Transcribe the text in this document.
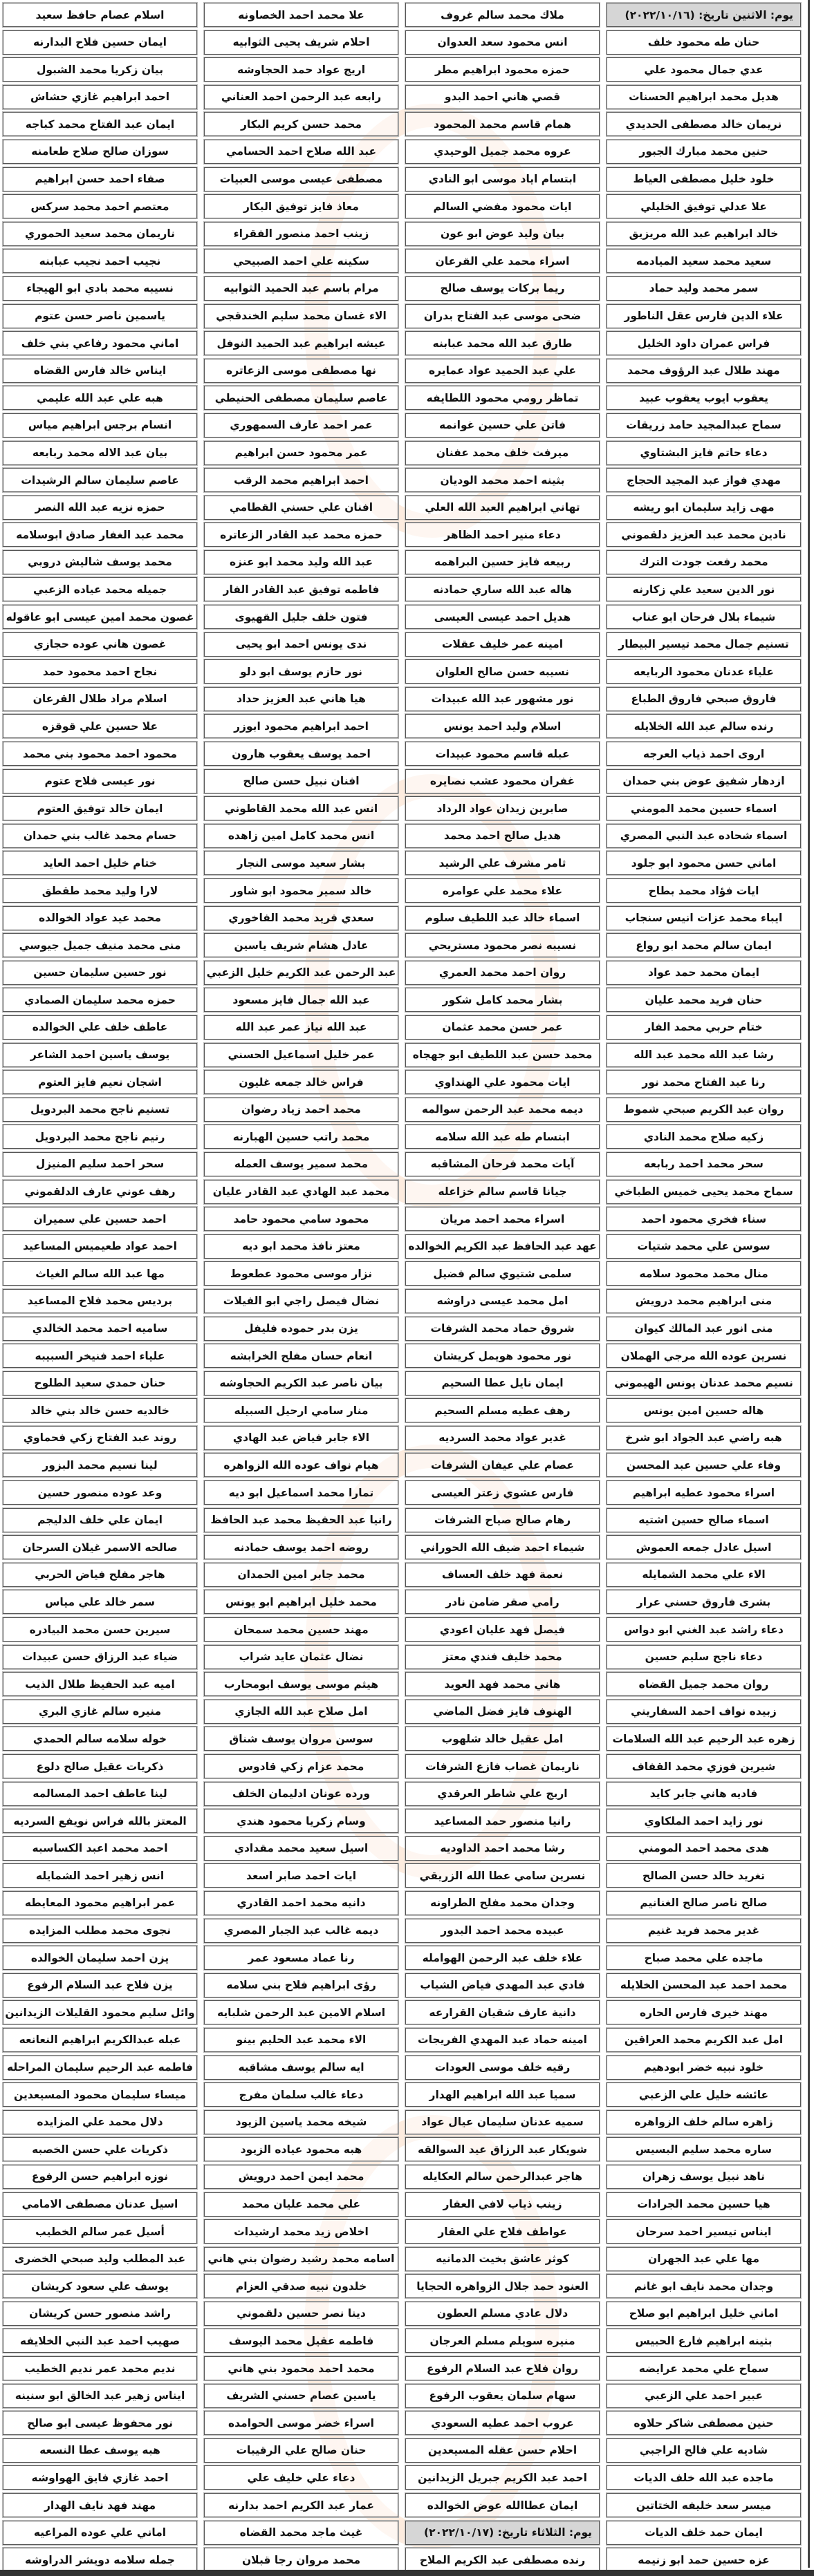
يوم: الاثنين تاريخ: (٢٠٢٢/١٠/١٦)
ملاك محمد سالم غروف
علا محمد احمد الخصاونه
اسلام عصام حافظ سعيد
حنان طه محمود خلف
انس محمود سعد العدوان
احلام شريف يحيى الثوابيه
ايمان حسين فلاح البدارنه
عدي جمال محمود علي
حمزه محمود ابراهيم مطر
اريج عواد حمد الحجاوشه
بيان زكريا محمد الشبول
هديل محمد ابراهيم الحسنات
قصي هاني احمد البدو
رابعه عبد الرحمن احمد العناني
احمد ابراهيم غازي حشاش
نريمان خالد مصطفى الحديدي
همام قاسم محمد المحمود
محمد حسن كريم البكار
ايمان عبد الفتاح محمد كباجه
حنين محمد مبارك الجبور
عروه محمد جميل الوحيدي
عبد الله صلاح احمد الحسامي
سوزان صالح صلاح طعامنه
خلود خليل مصطفى العياط
ابتسام اياد موسى ابو النادي
مصطفى عيسى موسى العبيات
صفاء احمد حسن ابراهيم
علا عدلي توفيق الخليلي
ايات محمود مفضي السالم
معاذ فايز توفيق البكار
معتصم احمد محمد سركس
خالد ابراهيم عبد الله مريزيق
بيان وليد عوض ابو عون
زينب احمد منصور الفقراء
ناريمان محمد سعيد الحموري
سعيد محمد سعيد الميادمه
اسراء محمد علي القرعان
سكينه علي احمد الصبيحي
نجيب احمد نجيب عبابنه
سمر محمد وليد حماد
ريما بركات يوسف صالح
مرام باسم عبد الحميد الثوابيه
نسيبه محمد بادي ابو الهيجاء
علاء الدين فارس عقل الناطور
ضحى موسى عبد الفتاح بدران
الاء غسان محمد سليم الخندقجي
ياسمين ناصر حسن عتوم
فراس عمران داود الخليل
طارق عبد الله محمد عبابنه
عيشه ابراهيم عبد الحميد النوفل
اماني محمود رفاعي بني خلف
مهند طلال عبد الرؤوف محمد
علي عبد الحميد عواد عمايره
نها مصطفى موسى الزعاتره
ايناس خالد فارس القضاه
يعقوب ايوب يعقوب عبيد
تماظر رومي محمود اللطايفه
عاصم سليمان مصطفى الحنيطي
هبه علي عبد الله عليمي
سماح عبدالمجيد حامد زريقات
فاتن علي حسين غوانمه
عمر احمد عارف السمهوري
انسام برجس ابراهيم مياس
دعاء حاتم فايز البشتاوي
ميرفت خلف محمد عفنان
عمر محمود حسن ابراهيم
بيان عبد الاله محمد ربابعه
مهدي فواز عبد المجيد الحجاج
بثينه احمد محمد الوديان
احمد ابراهيم محمد الرقب
عاصم سليمان سالم الرشيدات
مهى زايد سليمان ابو ريشه
تهاني ابراهيم العبد الله العلي
افنان علي حسني القطامي
حمزه نزيه عبد الله النصر
نادين محمد عبد العزيز دلقموني
دعاء منير احمد الظاهر
حمزه محمد عبد القادر الزعاتره
محمد عبد الغفار صادق ابوسلامه
محمد رفعت جودت الترك
ربيعه فايز حسين البراهمه
عبد الله وليد محمد ابو عنزه
محمد يوسف شاليش دروبي
نور الدين سعيد علي زكارنه
هاله عبد الله ساري حمادنه
فاطمه توفيق عبد القادر الفار
جميله محمد عياده الزعبي
شيماء بلال فرحان ابو عناب
هديل احمد عيسى العيسى
فتون خلف جليل القهيوى
غصون محمد امين عيسى ابو عاقوله
تسنيم جمال محمد تيسير البيطار
امينه عمر خليف عقلات
ندى يونس احمد ابو يحيى
غصون هاني عوده حجازي
علياء عدنان محمود الربايعه
نسيبه حسن صالح العلوان
نور حازم يوسف ابو دلو
نجاح احمد محمود حمد
فاروق صبحي فاروق الطباع
نور مشهور عبد الله عبيدات
هيا هاني عبد العزيز حداد
اسلام مراد طلال القرعان
رنده سالم عبد الله الخلايله
اسلام وليد احمد يونس
احمد ابراهيم محمود ابوزر
علا حسين علي قوقزه
اروى احمد ذياب العرجه
عبله قاسم محمود عبيدات
احمد يوسف يعقوب هارون
محمود احمد محمود بني محمد
ازدهار شفيق عوض بني حمدان
غفران محمود عشب نصايره
افنان نبيل حسن صالح
نور عيسى فلاح عتوم
اسماء حسين محمد المومني
صابرين زيدان عواد الرداد
انس عبد الله محمد القاطوني
ايمان خالد توفيق العتوم
اسماء شحاده عبد النبي المصري
هديل صالح احمد محمد
انس محمد كامل امين زاهده
حسام محمد غالب بني حمدان
اماني حسن محمود ابو جلود
ثامر مشرف علي الرشيد
بشار سعيد موسى النجار
ختام خليل احمد العايد
ايات فؤاد محمد بطاح
علاء محمد علي عوامره
خالد سمير محمود ابو شاور
لارا وليد محمد طقطق
ايباء محمد عزات انيس سنجاب
اسماء خالد عبد اللطيف سلوم
سعدي فريد محمد الفاخوري
محمد عيد عواد الخوالده
ايمان سالم محمد ابو رواع
نسيبه نصر محمود مستريحي
عادل هشام شريف ياسين
منى محمد منيف جميل جيوسي
ايمان محمد حمد عواد
روان احمد محمد العمري
عبد الرحمن عبد الكريم خليل الزعبي
نور حسين سليمان حسين
حنان فريد محمد عليان
بشار محمد كامل شكور
عبد الله جمال فايز مسعود
حمزه محمد سليمان الصمادي
ختام حربي محمد الفار
عمر حسن محمد عثمان
عبد الله نياز عمر عبد الله
عاطف خلف علي الخوالده
رشا عبد الله محمد عبد الله
محمد حسن عبد اللطيف ابو جهجاه
عمر خليل اسماعيل الحسني
يوسف ياسين احمد الشاعر
رنا عبد الفتاح محمد نور
ايات محمود علي الهنداوي
فراس خالد جمعه غليون
اشجان نعيم فايز العتوم
روان عبد الكريم صبحي شموط
ديمه محمد عبد الرحمن سوالمه
محمد احمد زياد رضوان
تسنيم ناجح محمد البردويل
زكيه صلاح محمد النادي
ابتسام طه عبد الله سلامه
محمد راتب حسين الهبارنه
رنيم ناجح محمد البردويل
سحر محمد احمد ربابعه
آيات محمد فرحان المشاقبه
محمد سمير يوسف العمله
سحر احمد سليم المنيزل
سماح محمد يحيى خميس الطباخي
جيانا قاسم سالم خزاعله
محمد عبد الهادي عبد القادر عليان
رهف عوني عارف الدلقموني
سناء فخري محمود احمد
اسراء محمد احمد مريان
محمود سامي محمود حامد
احمد حسين علي سميران
سوسن علي محمد شتيات
عهد عبد الحافظ عبد الكريم الخوالده
معتز نافذ محمد ابو ديه
احمد عواد طعيميس المساعيد
منال محمد محمود سلامه
سلمى شتيوي سالم فضيل
نزار موسى محمود عطعوط
مها عبد الله سالم الغياث
منى ابراهيم محمد درويش
امل محمد عيسى دراوشه
نضال فيصل راجي ابو الفيلات
برديس محمد فلاح المساعيد
منى انور عبد المالك كيوان
شروق حماد محمد الشرفات
يزن بدر حموده فليفل
ساميه احمد محمد الخالدي
نسرين عوده الله مرجي الهملان
نور محمود هويمل كريشان
انعام حسان مفلح الخرابشه
علياء احمد فنيخر السبيبه
نسيم محمد عدنان يونس الهيموني
ايمان نايل عطا السحيم
بيان ناصر عبد الكريم الحجاوشه
حنان حمدي سعيد الطلوح
هاله حسين امين يونس
رهف عطيه مسلم السحيم
منار سامي ارحيل السبيله
خالديه حسن خالد بني خالد
هبه راضي عبد الجواد ابو شرخ
غدير عواد محمد السرديه
الاء جابر فياض عبد الهادي
روند عبد الفتاح زكي فحماوي
وفاء علي حسين عبد المحسن
عصام علي عيفان الشرفات
هيام نواف عوده الله الزواهره
لينا نسيم محمد البزور
اسراء محمود عطيه ابراهيم
فارس عشوي زعتر العيسى
تمارا محمد اسماعيل ابو ديه
وعد عوده منصور حسين
اسماء صالح حسين اشتيه
رهام صالح صياح الشرفات
رانيا عبد الحفيظ محمد عبد الحافظ
ايمان علي خلف الدليجم
اسيل عادل جمعه العموش
شيماء احمد ضيف الله الحوراني
روضه احمد يوسف حمادنه
صالحه الاسمر غيلان السرحان
الاء علي محمد الشمايله
نعمة فهد خلف العساف
محمد جابر امين الحمدان
هاجر مفلح فياض الحربي
بشرى فاروق حسني عرار
رامي صقر ضامن نادر
محمد خليل ابراهيم ابو يونس
سمر خالد علي مياس
دعاء راشد عبد الغني ابو دواس
فيصل فهد عليان اعودي
مهند حسين محمد سمحان
سيرين حسن محمد البيادره
دعاء ناجح سليم حسين
محمد خليف فندي معتز
نضال عثمان عايد شراب
ضياء عبد الرزاق حسن عبيدات
روان محمد جميل القضاه
هاني محمد فهد العويد
هيثم موسى يوسف ابومحارب
اميه عبد الحفيظ طلال الذيب
زبيده نواف احمد السفاريني
الهنوف فايز فضل الماضي
امل صلاح عبد الله الجازي
منيره سالم غازي البري
زهره عبد الرحيم عبد الله السلامات
امل عقيل خالد شلهوب
سوسن مروان يوسف شناق
خوله سلامه سالم الحمدي
شيرين فوزي محمد القفاف
ناريمان غصاب فازع الشرفات
محمد عزام زكي قادوس
ذكريات عقيل صالح دلوع
فاديه هاني جابر كايد
اريج علي شاطر العرقدي
ورده عونان ادليمان الخلف
لينا عاطف احمد المسالمه
نور زايد احمد الملكاوي
رانيا منصور حمد المساعيد
وسام زكريا محمود هندي
المعتز بالله فراس نويفع السرديه
هدى محمد احمد المومني
رشا محمد احمد الداوديه
اسيل سعيد محمد مقدادي
احمد محمد اعبد الكساسبه
تغريد خالد حسن الصالح
نسرين سامي عطا الله الزريقي
ايات احمد صابر اسعد
انس زهير احمد الشمايله
صالح ناصر صالح الغنانيم
وجدان محمد مفلح الطراونه
دانيه محمد احمد القادري
عمر ابراهيم محمود المعايطه
غدير محمد فريد غنيم
عبيده محمد احمد البدور
ديمه غالب عبد الجبار المصري
نجوى محمد مطلب المزايده
ماجده علي محمد صباح
علاء خلف عبد الرحمن الهوامله
رنا عماد مسعود عمر
يزن احمد سليمان الخوالده
محمد احمد عبد المحسن الخلايله
فادي عبد المهدي فياض الشياب
رؤى ابراهيم فلاح بني سلامه
يزن فلاح عبد السلام الرفوع
مهند خيرى فارس الحاره
دانية عارف شقيان القرارعه
اسلام الامين عبد الرحمن شلبايه
وائل سليم محمود القليلات الزيدانين
امل عبد الكريم محمد العراقين
امينه حماد عبد المهدي الفريجات
الاء محمد عبد الحليم بينو
عبله عبدالكريم ابراهيم النعانعه
خلود نبيه خضر ابودهيم
رقيه خلف موسى العودات
ايه سالم يوسف مشاقبه
فاطمه عبد الرحيم سليمان المراحله
عائشه خليل علي الزعبي
سميا عبد الله ابراهيم الهدار
دعاء غالب سلمان مفرج
ميساء سليمان محمود المسيعدين
زاهره سالم خلف الزواهره
سميه عدنان سليمان عيال عواد
شيخه محمد ياسين الزيود
دلال محمد علي المزايده
ساره محمد سليم البسيس
شويكار عبد الرزاق عيد السوالقه
هبه محمود عياده الزيود
ذكريات علي حسن الخصبه
ناهد نبيل يوسف زهران
هاجر عبدالرحمن سالم العكايله
محمد ايمن احمد درويش
نوزه ابراهيم حسن الرفوع
هيا حسين محمد الجرادات
زينب ذياب لافي العقار
علي محمد عليان محمد
اسيل عدنان مصطفى الامامي
ايناس تيسير احمد سرحان
عواطف فلاح علي العقار
اخلاص زيد محمد ارشيدات
أسيل عمر سالم الخطيب
مها علي عبد الجهران
كوثر عاشق بخيت الدمانيه
اسامه محمد رشيد رضوان بني هاني
عبد المطلب وليد صبحي الخضرى
وجدان محمد نايف ابو غانم
العنود حمد جلال الزواهره الحجايا
خلدون نبيه صدقي العزام
يوسف علي سعود كريشان
اماني خليل ابراهيم ابو صلاح
دلال عادي مسلم العطون
دينا نصر حسين دلقموني
راشد منصور حسن كريشان
بثينه ابراهيم فارع الحبيس
منيره سويلم مسلم العرجان
فاطمه عقيل محمد اليوسف
صهيب احمد عبد النبي الخلايفه
سماح علي محمد عرايضه
روان فلاح عبد السلام الرفوع
محمد احمد محمود بني هاني
نديم محمد عمر نديم الخطيب
عبير احمد علي الزعبي
سهام سلمان يعقوب الرفوع
ياسين عصام حسني الشريف
ايناس زهير عبد الخالق ابو سنينه
حنين مصطفى شاكر حلاوه
عروب احمد عطيه السعودي
اسراء خضر موسى الحوامده
نور محفوظ عيسى ابو صالح
شاديه علي فالح الراجبي
احلام حسن عقله المسيعدين
حنان صالح علي الرقيبات
هبه يوسف عطا النسعه
ماجده عبد الله خلف الديات
احمد عبد الكريم جبريل الزيدانين
دعاء علي خليف علي
احمد غازي فايق الهواوشه
ميسر سعد خليفه الختاتين
ايمان عطاالله عوض الخوالده
عمار عبد الكريم احمد بدارنه
مهند فهد نايف الهدار
ايمان حمد خلف الديات
يوم: الثلاثاء تاريخ: (٢٠٢٢/١٠/١٧)
غيث ماجد محمد القضاه
اماني علي عوده المراعيه
عزه حسين حمد ابو زنيمه
رنده مصطفى عبد الكريم الملاح
محمد مروان رجا قبلان
جمله سلامه دويشر الدراوشه
